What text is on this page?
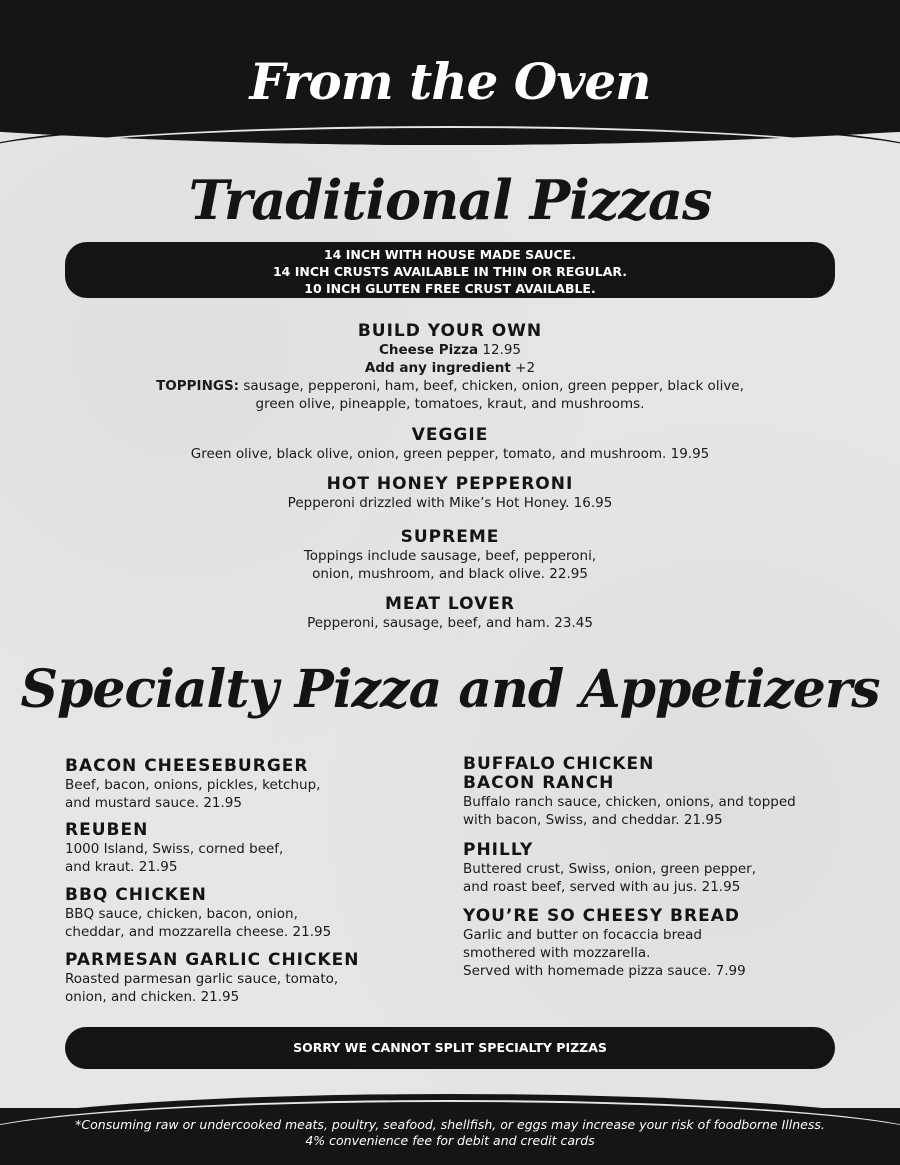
From the Oven
Traditional Pizzas
14 INCH WITH HOUSE MADE SAUCE.
14 INCH CRUSTS AVAILABLE IN THIN OR REGULAR.
10 INCH GLUTEN FREE CRUST AVAILABLE.
BUILD YOUR OWN
Cheese Pizza 12.95
Add any ingredient +2
TOPPINGS: sausage, pepperoni, ham, beef, chicken, onion, green pepper, black olive,
green olive, pineapple, tomatoes, kraut, and mushrooms.
VEGGIE
Green olive, black olive, onion, green pepper, tomato, and mushroom. 19.95
HOT HONEY PEPPERONI
Pepperoni drizzled with Mike’s Hot Honey. 16.95
SUPREME
Toppings include sausage, beef, pepperoni,
onion, mushroom, and black olive. 22.95
MEAT LOVER
Pepperoni, sausage, beef, and ham. 23.45
Specialty Pizza and Appetizers
BACON CHEESEBURGER
Beef, bacon, onions, pickles, ketchup,
and mustard sauce. 21.95
REUBEN
1000 Island, Swiss, corned beef,
and kraut. 21.95
BBQ CHICKEN
BBQ sauce, chicken, bacon, onion,
cheddar, and mozzarella cheese. 21.95
PARMESAN GARLIC CHICKEN
Roasted parmesan garlic sauce, tomato,
onion, and chicken. 21.95
BUFFALO CHICKEN
BACON RANCH
Buffalo ranch sauce, chicken, onions, and topped
with bacon, Swiss, and cheddar. 21.95
PHILLY
Buttered crust, Swiss, onion, green pepper,
and roast beef, served with au jus. 21.95
YOU’RE SO CHEESY BREAD
Garlic and butter on focaccia bread
smothered with mozzarella.
Served with homemade pizza sauce. 7.99
SORRY WE CANNOT SPLIT SPECIALTY PIZZAS
*Consuming raw or undercooked meats, poultry, seafood, shellfish, or eggs may increase your risk of foodborne Illness.
4% convenience fee for debit and credit cards
